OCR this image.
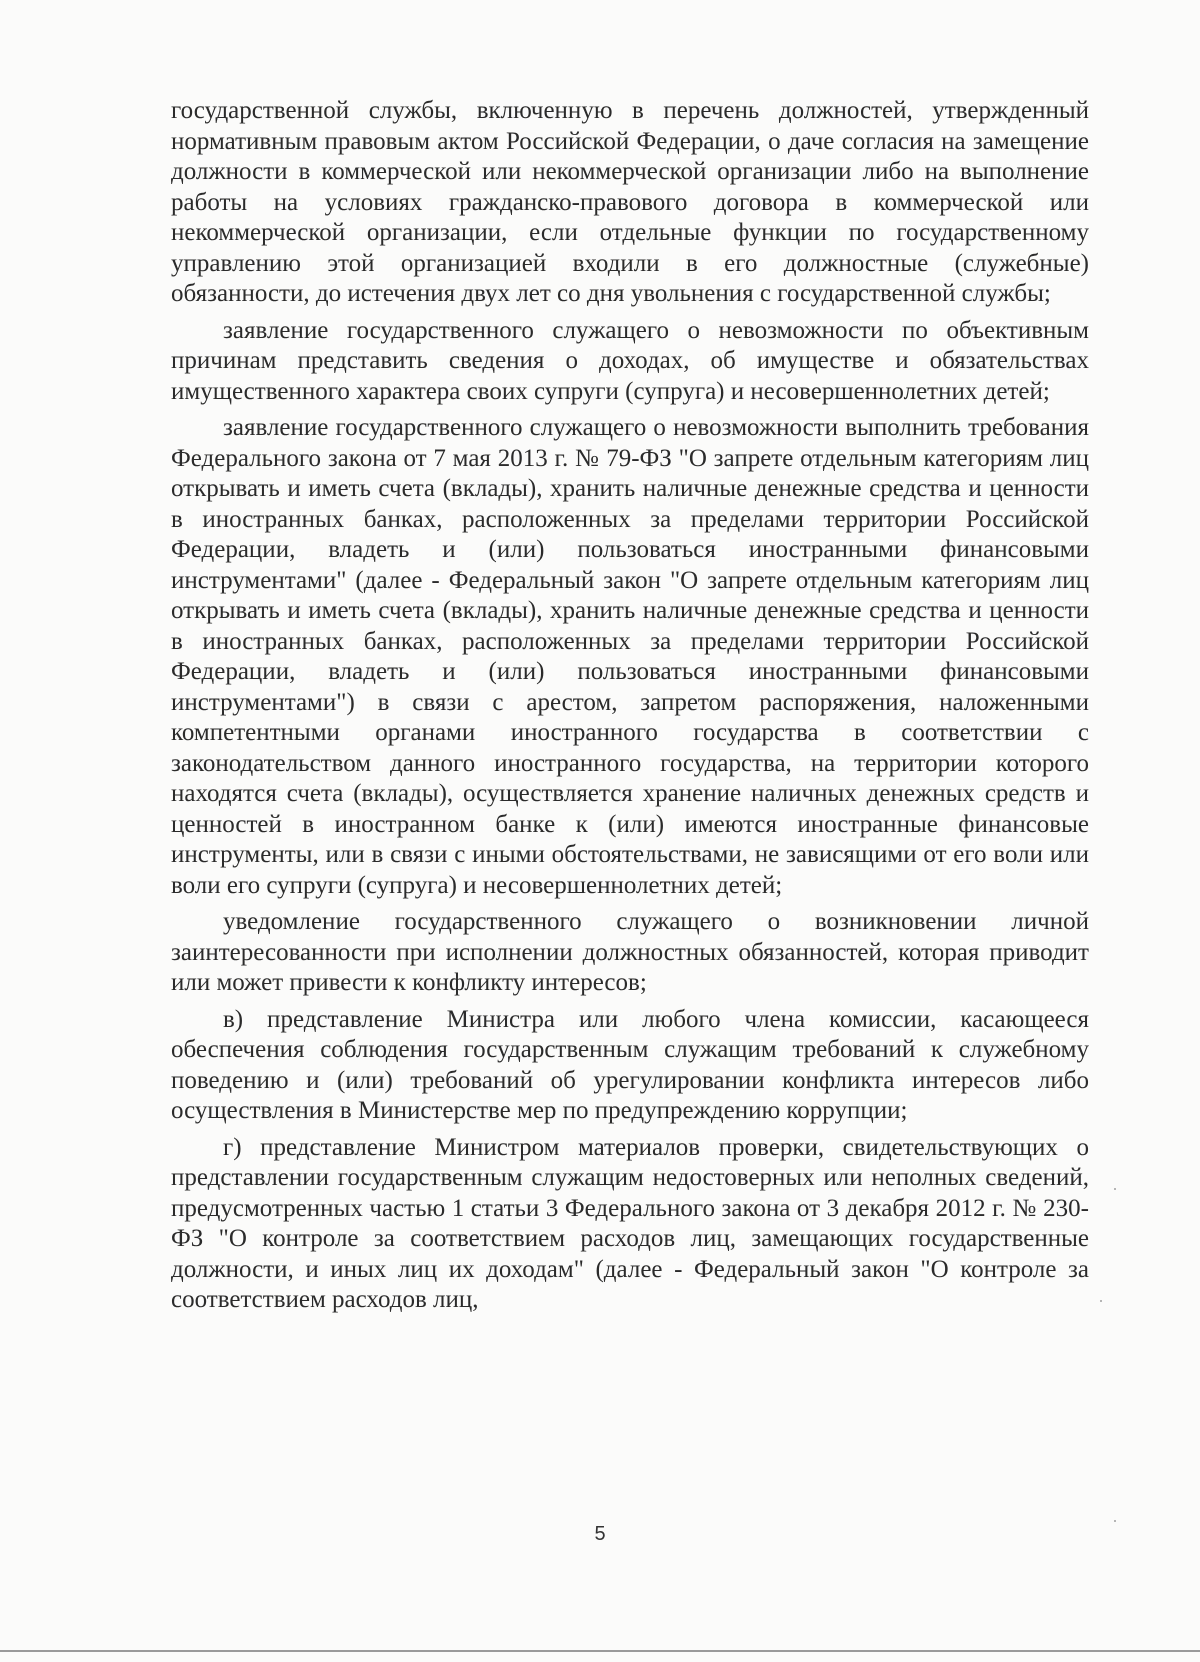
государственной службы, включенную в перечень должностей, утвержденный нормативным правовым актом Российской Федерации, о даче согласия на замещение должности в коммерческой или некоммерческой организации либо на выполнение работы на условиях гражданско-правового договора в коммерческой или некоммерческой организации, если отдельные функции по государственному управлению этой организацией входили в его должностные (служебные) обязанности, до истечения двух лет со дня увольнения с государственной службы;

заявление государственного служащего о невозможности по объективным причинам представить сведения о доходах, об имуществе и обязательствах имущественного характера своих супруги (супруга) и несовершеннолетних детей;

заявление государственного служащего о невозможности выполнить требования Федерального закона от 7 мая 2013 г. № 79-ФЗ "О запрете отдельным категориям лиц открывать и иметь счета (вклады), хранить наличные денежные средства и ценности в иностранных банках, расположенных за пределами территории Российской Федерации, владеть и (или) пользоваться иностранными финансовыми инструментами" (далее - Федеральный закон "О запрете отдельным категориям лиц открывать и иметь счета (вклады), хранить наличные денежные средства и ценности в иностранных банках, расположенных за пределами территории Российской Федерации, владеть и (или) пользоваться иностранными финансовыми инструментами") в связи с арестом, запретом распоряжения, наложенными компетентными органами иностранного государства в соответствии с законодательством данного иностранного государства, на территории которого находятся счета (вклады), осуществляется хранение наличных денежных средств и ценностей в иностранном банке к (или) имеются иностранные финансовые инструменты, или в связи с иными обстоятельствами, не зависящими от его воли или воли его супруги (супруга) и несовершеннолетних детей;

уведомление государственного служащего о возникновении личной заинтересованности при исполнении должностных обязанностей, которая приводит или может привести к конфликту интересов;

в) представление Министра или любого члена комиссии, касающееся обеспечения соблюдения государственным служащим требований к служебному поведению и (или) требований об урегулировании конфликта интересов либо осуществления в Министерстве мер по предупреждению коррупции;

г) представление Министром материалов проверки, свидетельствующих о представлении государственным служащим недостоверных или неполных сведений, предусмотренных частью 1 статьи 3 Федерального закона от 3 декабря 2012 г. № 230-ФЗ "О контроле за соответствием расходов лиц, замещающих государственные должности, и иных лиц их доходам" (далее - Федеральный закон "О контроле за соответствием расходов лиц,

5
